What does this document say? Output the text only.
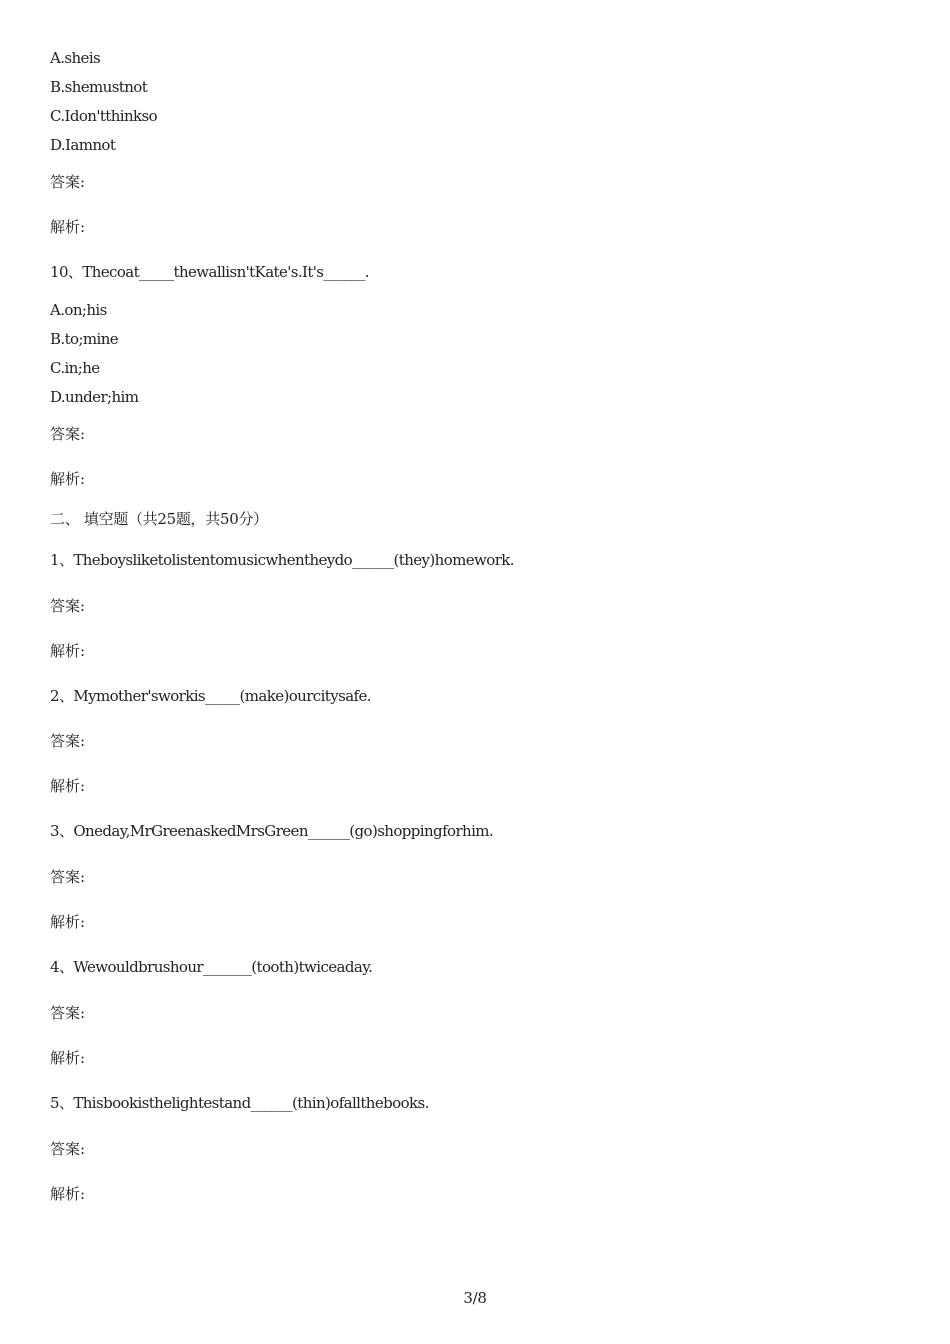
A.sheis
B.shemustnot
C.Idon'tthinkso
D.Iamnot
答案:
解析:
10、Thecoat_____thewallisn'tKate's.It's______.
A.on;his
B.to;mine
C.in;he
D.under;him
答案:
解析:
二、 填空题（共25题，共50分）
1、Theboysliketolistentomusicwhentheydo______(they)homework.
答案:
解析:
2、Mymother'sworkis_____(make)ourcitysafe.
答案:
解析:
3、Oneday,MrGreenaskedMrsGreen______(go)shoppingforhim.
答案:
解析:
4、Wewouldbrushour_______(tooth)twiceaday.
答案:
解析:
5、Thisbookisthelightestand______(thin)ofallthebooks.
答案:
解析:
3/8
